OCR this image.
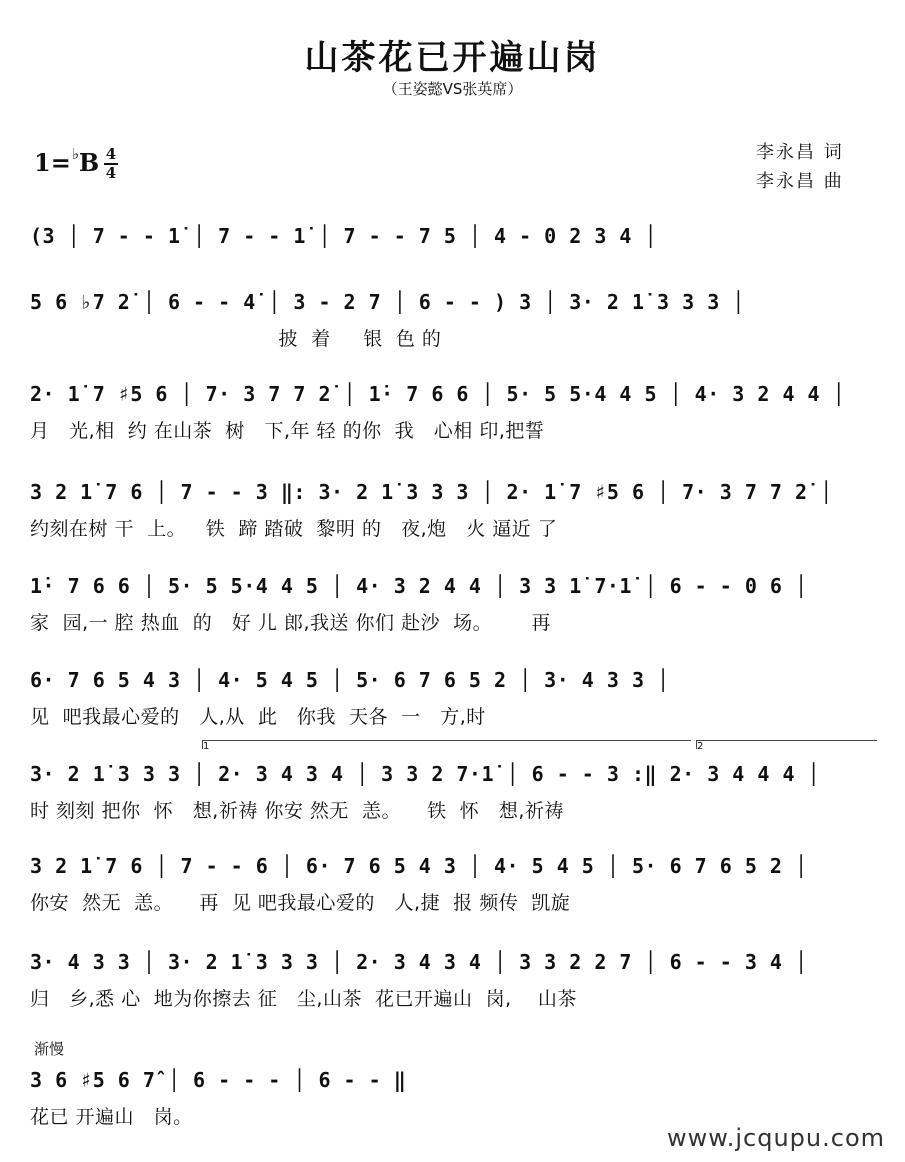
山茶花已开遍山岗
（王姿懿VS张英席）
1=♭B 4
4
李永昌 词
李永昌 曲
(3 │ 7 - - 1̇ │ 7 - - 1̇ │ 7 - - 7 5 │ 4 - 0 2 3 4 │
5 6 ♭7 2̇ │ 6 - - 4̇ │ 3 - 2 7 │ 6 - - ) 3 │ 3· 2 1̇ 3 3 3 │
披  着     银  色 的
2· 1̇ 7 ♯5 6 │ 7· 3 7 7 2̇ │ 1̇· 7 6 6 │ 5· 5 5·4 4 5 │ 4· 3 2 4 4 │
月   光,相  约 在山茶  树   下,年 轻 的你  我   心相 印,把誓
3 2 1̇ 7 6 │ 7 - - 3 ‖: 3· 2 1̇ 3 3 3 │ 2· 1̇ 7 ♯5 6 │ 7· 3 7 7 2̇ │
约刻在树 干  上。   铁  蹄 踏破  黎明 的   夜,炮   火 逼近 了
1̇· 7 6 6 │ 5· 5 5·4 4 5 │ 4· 3 2 4 4 │ 3 3 1̇ 7·1̇ │ 6 - - 0 6 │
家  园,一 腔 热血  的   好 儿 郎,我送 你们 赴沙  场。      再
6· 7 6 5 4 3 │ 4· 5 4 5 │ 5· 6 7 6 5 2 │ 3· 4 3 3 │
见  吧我最心爱的   人,从  此   你我  天各  一   方,时
1	2
3· 2 1̇ 3 3 3 │ 2· 3 4 3 4 │ 3 3 2 7·1̇ │ 6 - - 3 :‖ 2· 3 4 4 4 │
时 刻刻 把你  怀   想,祈祷 你安 然无  恙。    铁  怀   想,祈祷
3 2 1̇ 7 6 │ 7 - - 6 │ 6· 7 6 5 4 3 │ 4· 5 4 5 │ 5· 6 7 6 5 2 │
你安  然无  恙。    再  见 吧我最心爱的   人,捷  报 频传  凯旋
3· 4 3 3 │ 3· 2 1̇ 3 3 3 │ 2· 3 4 3 4 │ 3 3 2 2 7 │ 6 - - 3 4 │
归   乡,悉 心  地为你擦去 征   尘,山茶  花已开遍山  岗,    山茶
渐慢
3 6 ♯5 6 7̂ │ 6 - - - │ 6 - - ‖
花已 开遍山   岗。
www.jcqupu.com
